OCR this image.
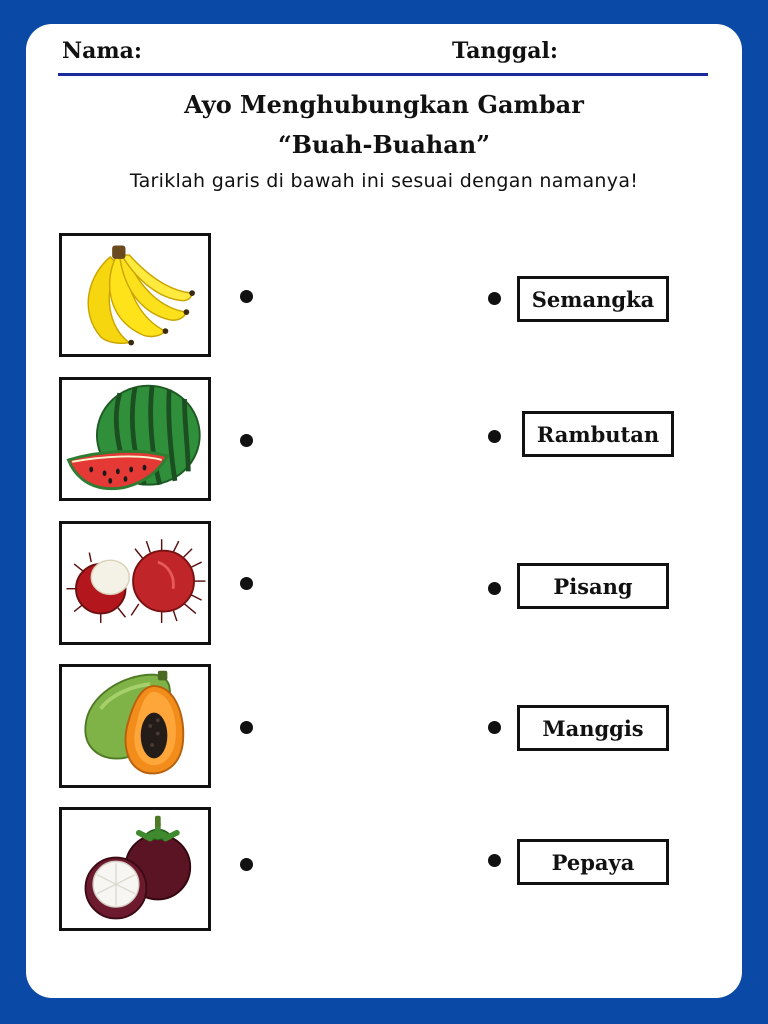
Nama:	Tanggal:
Ayo Menghubungkan Gambar
“Buah-Buahan”
Tariklah garis di bawah ini sesuai dengan namanya!
Semangka
Rambutan
Pisang
Manggis
Pepaya
